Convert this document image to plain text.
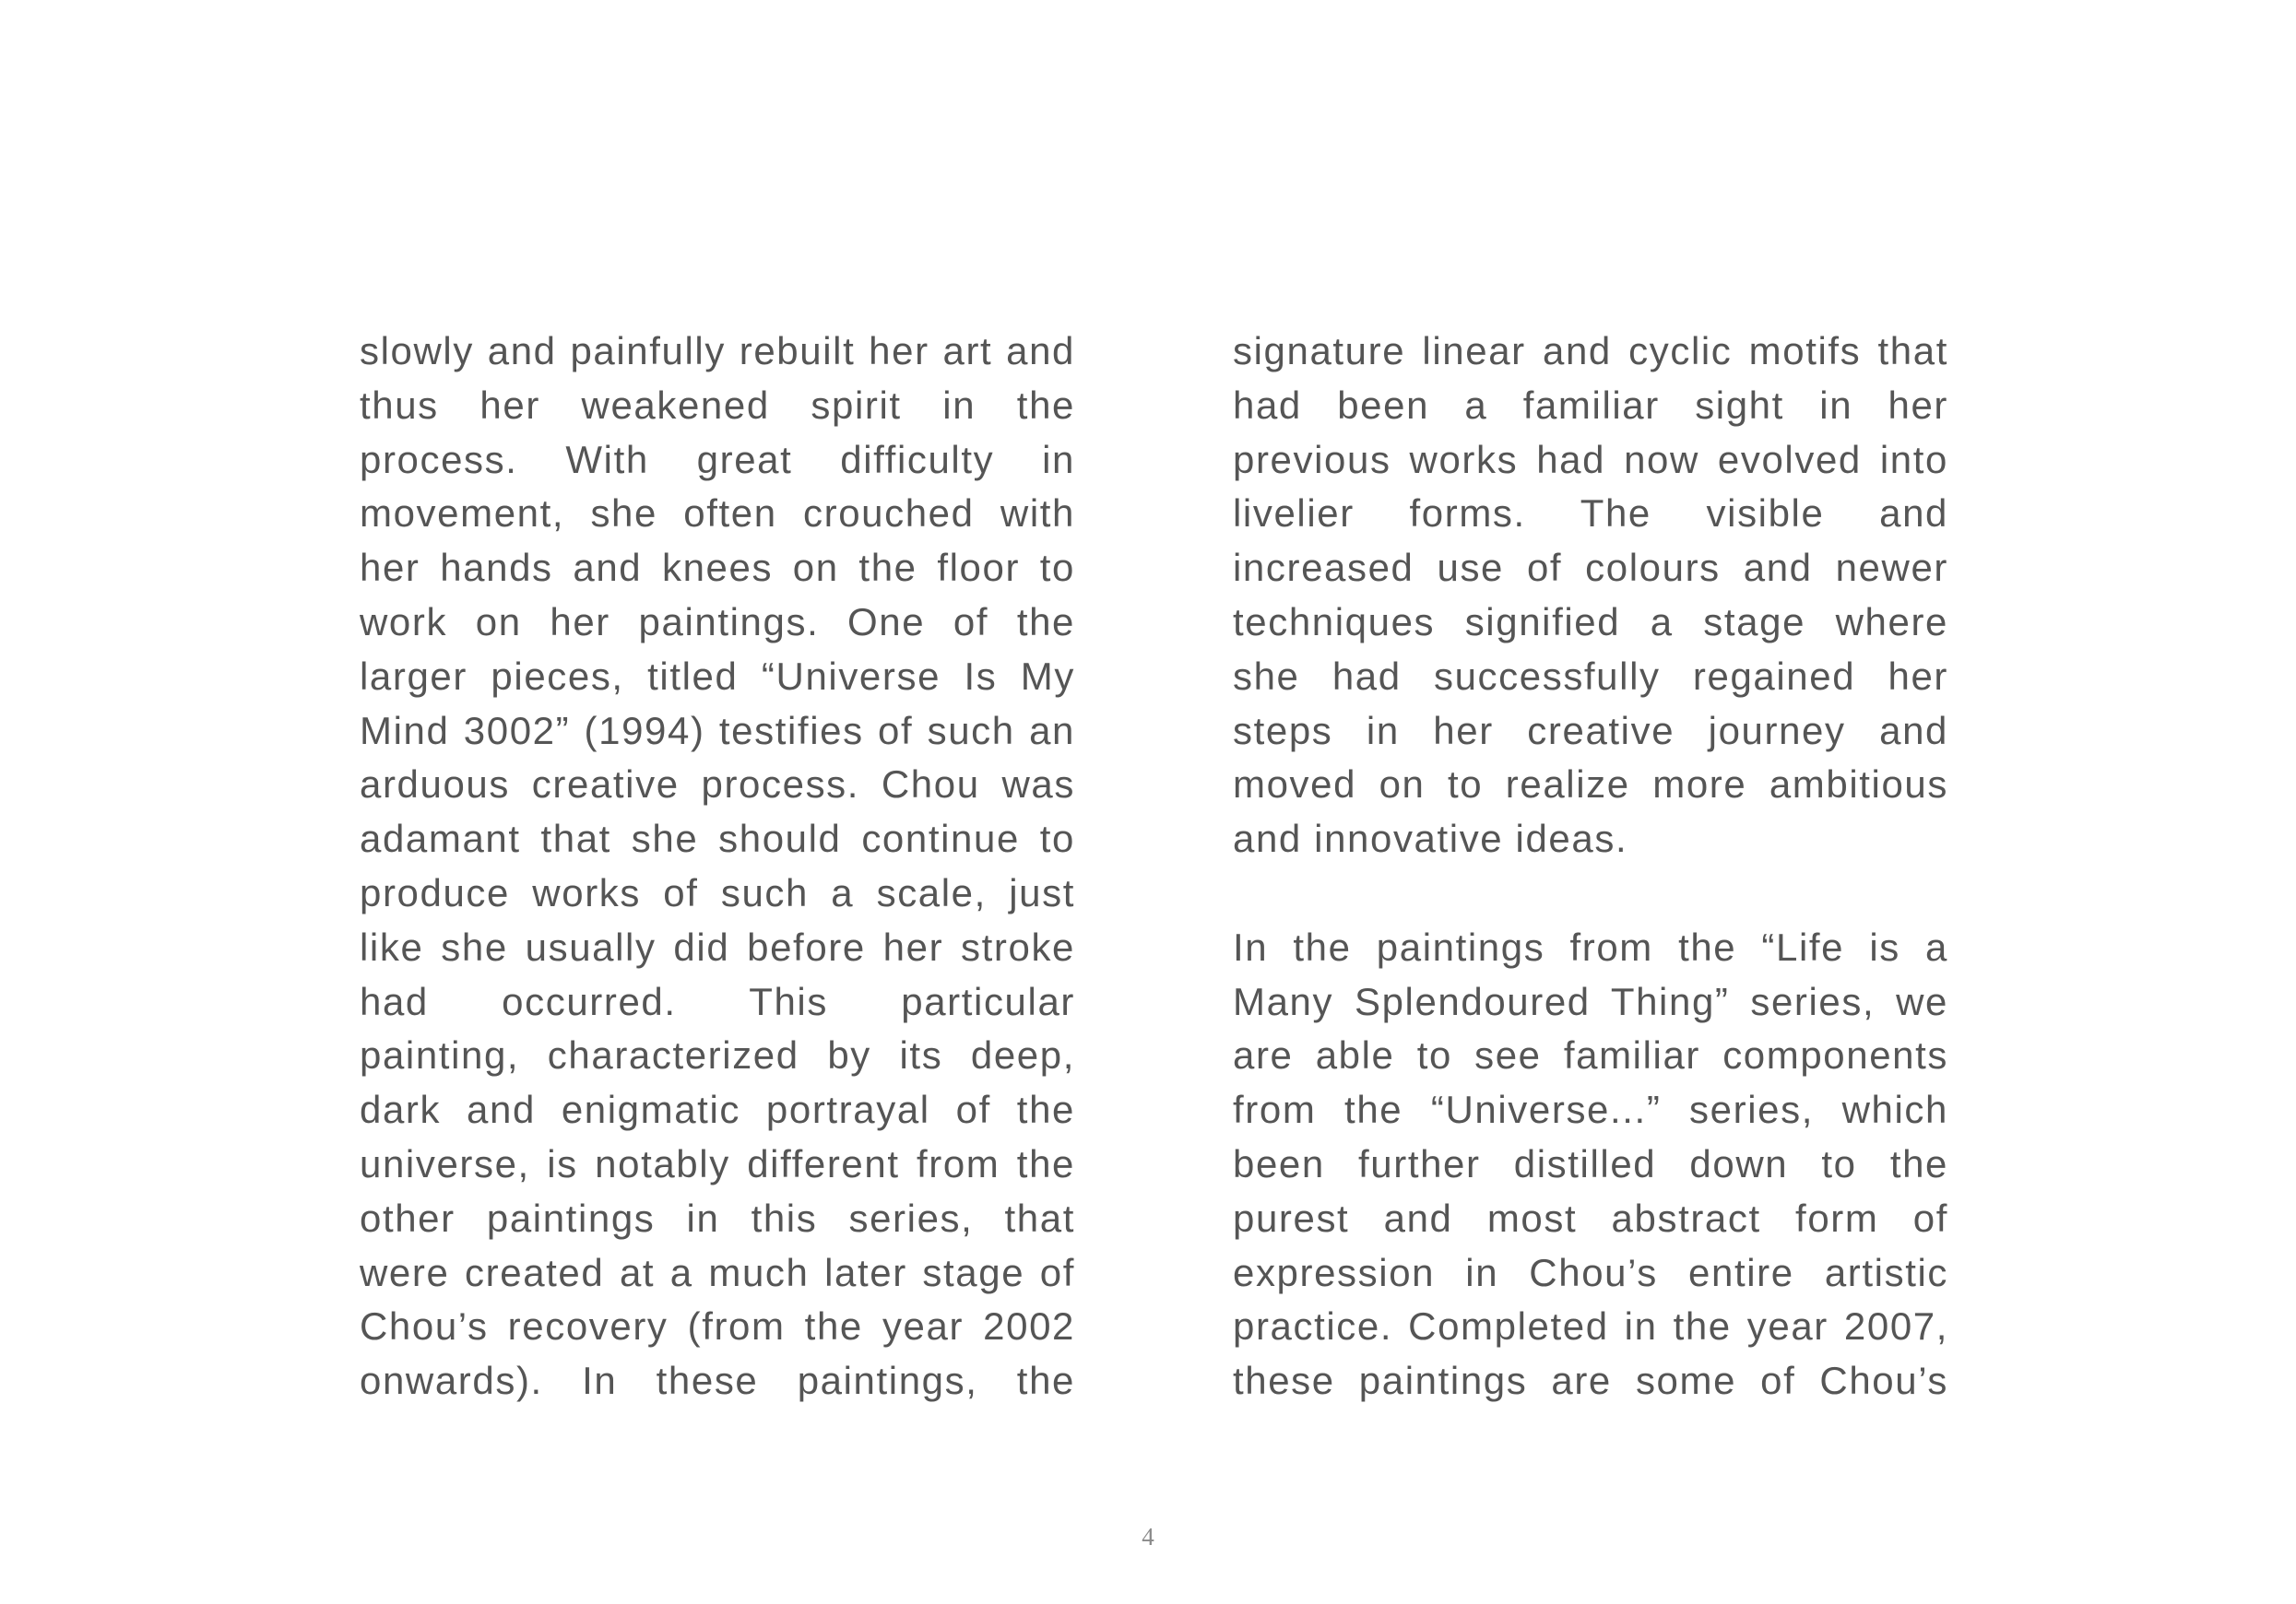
slowly and painfully rebuilt her art and
thus her weakened spirit in the
process. With great difficulty in
movement, she often crouched with
her hands and knees on the floor to
work on her paintings. One of the
larger pieces, titled “Universe Is My
Mind 3002” (1994) testifies of such an
arduous creative process. Chou was
adamant that she should continue to
produce works of such a scale, just
like she usually did before her stroke
had occurred. This particular
painting, characterized by its deep,
dark and enigmatic portrayal of the
universe, is notably different from the
other paintings in this series, that
were created at a much later stage of
Chou’s recovery (from the year 2002
onwards). In these paintings, the
signature linear and cyclic motifs that
had been a familiar sight in her
previous works had now evolved into
livelier forms. The visible and
increased use of colours and newer
techniques signified a stage where
she had successfully regained her
steps in her creative journey and
moved on to realize more ambitious
and innovative ideas.
In the paintings from the “Life is a
Many Splendoured Thing” series, we
are able to see familiar components
from the “Universe...” series, which
been further distilled down to the
purest and most abstract form of
expression in Chou’s entire artistic
practice. Completed in the year 2007,
these paintings are some of Chou’s
4
